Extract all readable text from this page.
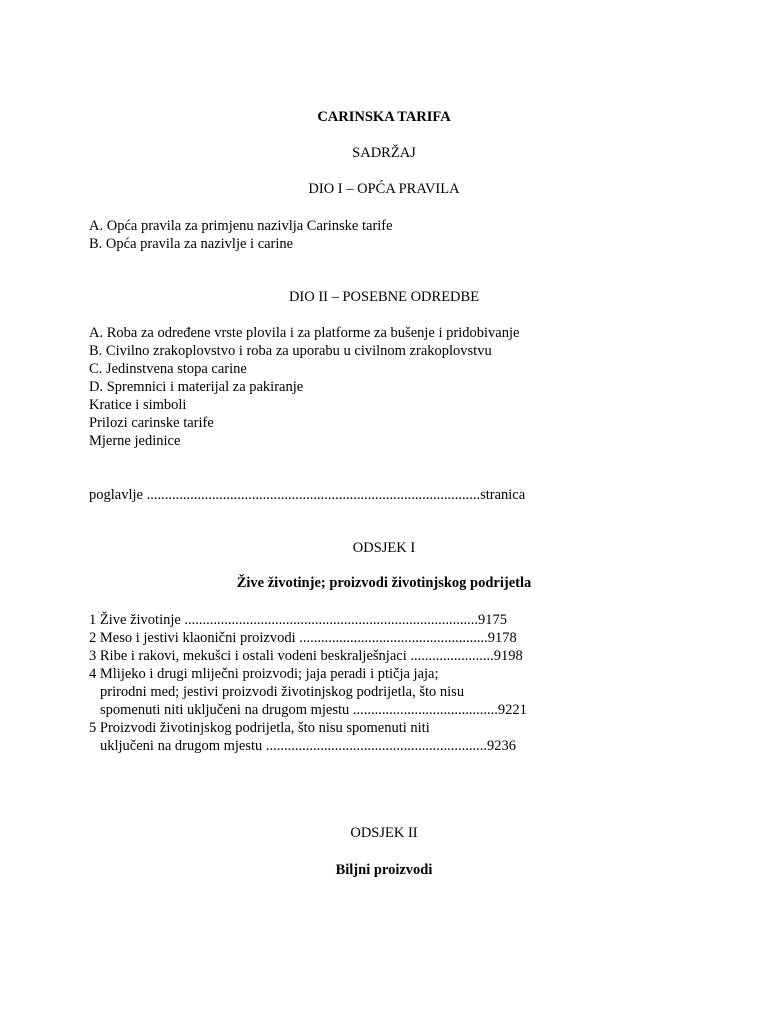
CARINSKA TARIFA
SADRŽAJ
DIO I – OPĆA PRAVILA
A. Opća pravila za primjenu nazivlja Carinske tarife
B. Opća pravila za nazivlje i carine
DIO II – POSEBNE ODREDBE
A. Roba za određene vrste plovila i za platforme za bušenje i pridobivanje
B. Civilno zrakoplovstvo i roba za uporabu u civilnom zrakoplovstvu
C. Jedinstvena stopa carine
D. Spremnici i materijal za pakiranje
Kratice i simboli
Prilozi carinske tarife
Mjerne jedinice
poglavlje ............................................................................................stranica
ODSJEK I
Žive životinje; proizvodi životinjskog podrijetla
1 Žive životinje .................................................................................9175
2 Meso i jestivi klaonični proizvodi ....................................................9178
3 Ribe i rakovi, mekušci i ostali vodeni beskralješnjaci .......................9198
4 Mlijeko i drugi mliječni proizvodi; jaja peradi i ptičja jaja;
prirodni med; jestivi proizvodi životinjskog podrijetla, što nisu
spomenuti niti uključeni na drugom mjestu ........................................9221
5 Proizvodi životinjskog podrijetla, što nisu spomenuti niti
uključeni na drugom mjestu .............................................................9236
ODSJEK II
Biljni proizvodi
